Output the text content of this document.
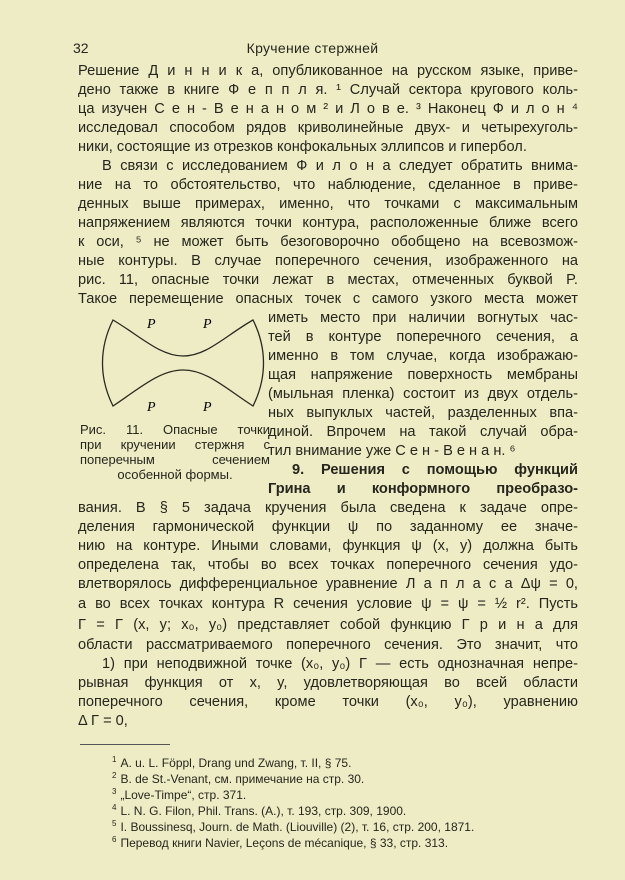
32	Кручение стержней
Решение Д и н н и к а, опубликованное на русском языке, приве-
дено также в книге Ф е п п л я. ¹ Случай сектора кругового коль-
ца изучен С е н - В е н а н о м ² и Л о в е. ³ Наконец Ф и л о н ⁴
исследовал способом рядов криволинейные двух- и четырехуголь-
ники, состоящие из отрезков конфокальных эллипсов и гипербол.
В связи с исследованием Ф и л о н а следует обратить внима-
ние на то обстоятельство, что наблюдение, сделанное в приве-
денных выше примерах, именно, что точками с максимальным
напряжением являются точки контура, расположенные ближе всего
к оси, ⁵ не может быть безоговорочно обобщено на всевозмож-
ные контуры. В случае поперечного сечения, изображенного на
рис. 11, опасные точки лежат в местах, отмеченных буквой P.
Такое перемещение опасных точек с самого узкого места может
P	P
P	P
Рис. 11. Опасные точки
при кручении стержня с
поперечным сечением
особенной формы.
иметь место при наличии вогнутых час-
тей в контуре поперечного сечения, а
именно в том случае, когда изображаю-
щая напряжение поверхность мембраны
(мыльная пленка) состоит из двух отдель-
ных выпуклых частей, разделенных впа-
диной. Впрочем на такой случай обра-
тил внимание уже С е н - В е н а н. ⁶
9. Решения с помощью функций
Грина и конформного преобразо-
вания. В § 5 задача кручения была сведена к задаче опре-
деления гармонической функции ψ по заданному ее значе-
нию на контуре. Иными словами, функция ψ (x, y) должна быть
определена так, чтобы во всех точках поперечного сечения удо-
влетворялось дифференциальное уравнение Л а п л а с а Δψ = 0,
а во всех точках контура R сечения условие ψ = ψ = ½ r². Пусть
Γ = Γ (x, y; x₀, y₀) представляет собой функцию Г р и н а для
области рассматриваемого поперечного сечения. Это значит, что
1) при неподвижной точке (x₀, y₀) Γ — есть однозначная непре-
рывная функция от x, y, удовлетворяющая во всей области
поперечного сечения, кроме точки (x₀, y₀), уравнению
Δ Γ = 0,
$^1$ A. u. L. Föppl, Drang und Zwang, т. II, § 75.
$^2$ B. de St.-Venant, см. примечание на стр. 30.
$^3$ „Love-Timpe“, стр. 371.
$^4$ L. N. G. Filon, Phil. Trans. (A.), т. 193, стр. 309, 1900.
$^5$ I. Boussinesq, Journ. de Math. (Liouville) (2), т. 16, стр. 200, 1871.
$^6$ Перевод книги Navier, Leçons de mécanique, § 33, стр. 313.
